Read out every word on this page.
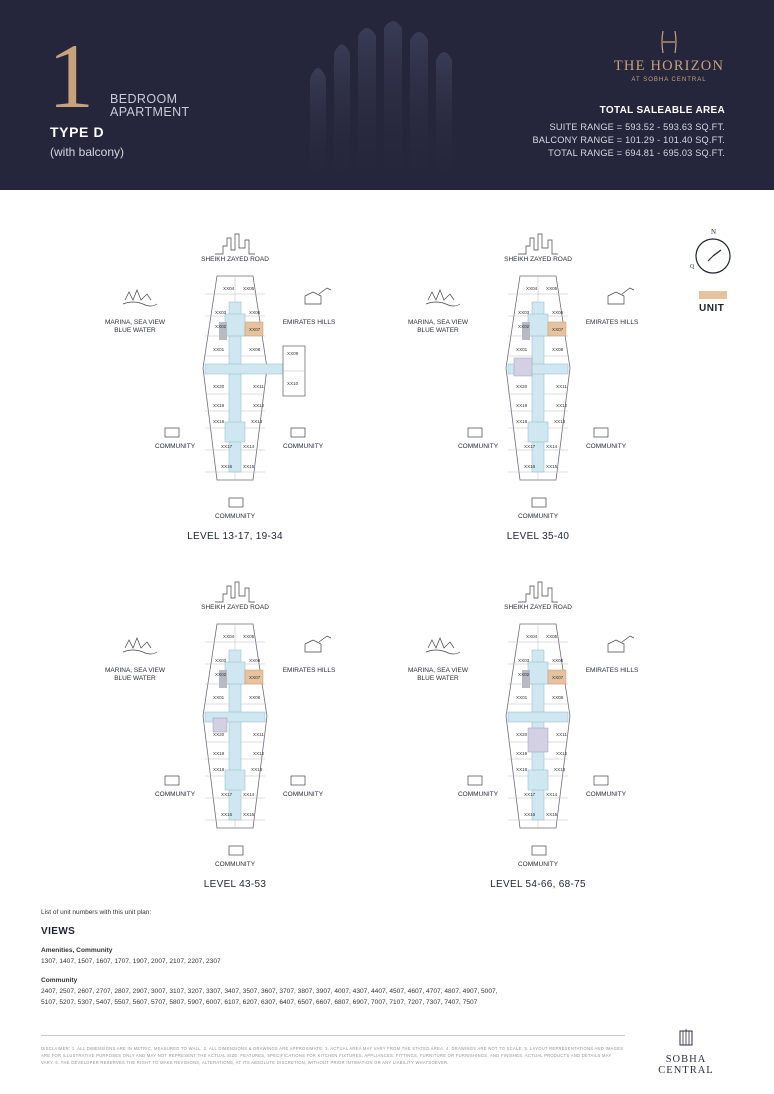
1 BEDROOM
APARTMENT
TYPE D
(with balcony)
THE HORIZON
AT SOBHA CENTRAL
TOTAL SALEABLE AREA
SUITE RANGE = 593.52 - 593.63 SQ.FT.
BALCONY RANGE = 101.29 - 101.40 SQ.FT.
TOTAL RANGE = 694.81 - 695.03 SQ.FT.
N
Q
UNIT
SHEIKH ZAYED ROAD
MARINA, SEA VIEW BLUE WATER
EMIRATES HILLS
COMMUNITY	COMMUNITY
COMMUNITY
LEVEL 13-17, 19-34
XX04 XX05
XX03	XX06
XX02
XX07
XX01	XX08
XX09
XX10
XX20	XX11
XX19	XX12
XX18	XX13
XX17 XX14
XX16 XX15
SHEIKH ZAYED ROAD
MARINA, SEA VIEW BLUE WATER
EMIRATES HILLS
COMMUNITY	COMMUNITY
COMMUNITY
LEVEL 35-40
XX04 XX05
XX03	XX06
XX02
XX07
XX01	XX08
XX20	XX11
XX19	XX12
XX18	XX13
XX17 XX14
XX16 XX15
SHEIKH ZAYED ROAD
MARINA, SEA VIEW BLUE WATER
EMIRATES HILLS
COMMUNITY	COMMUNITY
COMMUNITY
LEVEL 43-53
XX04 XX05
XX03	XX06
XX02
XX07
XX01	XX08
XX20	XX11
XX19	XX12
XX18	XX13
XX17 XX14
XX16 XX15
SHEIKH ZAYED ROAD
MARINA, SEA VIEW BLUE WATER
EMIRATES HILLS
COMMUNITY	COMMUNITY
COMMUNITY
LEVEL 54-66, 68-75
XX04 XX05
XX03	XX06
XX02
XX07
XX01	XX08
XX20	XX11
XX19	XX12
XX18	XX13
XX17 XX14
XX16 XX15
List of unit numbers with this unit plan:
VIEWS
Amenities, Community
1307, 1407, 1507, 1607, 1707, 1907, 2007, 2107, 2207, 2307
Community
2407, 2507, 2607, 2707, 2807, 2907, 3007, 3107, 3207, 3307, 3407, 3507, 3607, 3707, 3807, 3907, 4007, 4307, 4407, 4507, 4607, 4707, 4807, 4907, 5007, 5107, 5207, 5307, 5407, 5507, 5607, 5707, 5807, 5907, 6007, 6107, 6207, 6307, 6407, 6507, 6607, 6807, 6907, 7007, 7107, 7207, 7307, 7407, 7507
DISCLAIMER: 1. ALL DIMENSIONS ARE IN METRIC, MEASURED TO WALL. 2. ALL DIMENSIONS & DRAWINGS ARE APPROXIMATE. 3. ACTUAL AREA MAY VARY FROM THE STATED AREA. 4. DRAWINGS ARE NOT TO SCALE. 5. LAYOUT REPRESENTATIONS AND IMAGES ARE FOR ILLUSTRATIVE PURPOSES ONLY AND MAY NOT REPRESENT THE ACTUAL SIZE, FEATURES, SPECIFICATIONS FOR KITCHEN FIXTURES, APPLIANCES, FITTINGS, FURNITURE OR FURNISHINGS, AND FINISHES. ACTUAL PRODUCTS AND DETAILS MAY VARY. 6. THE DEVELOPER RESERVES THE RIGHT TO MAKE REVISIONS, ALTERATIONS, AT ITS ABSOLUTE DISCRETION, WITHOUT PRIOR INTIMATION OR ANY LIABILITY WHATSOEVER.	SOBHA CENTRAL
